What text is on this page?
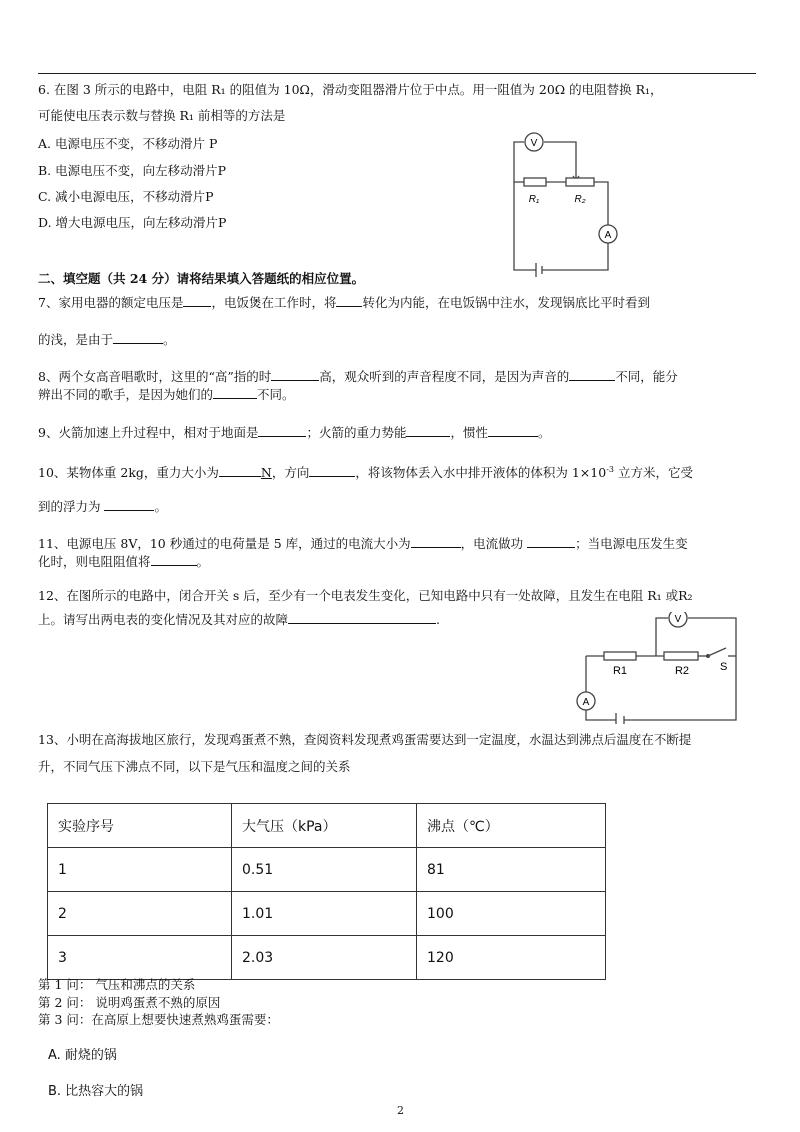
6. 在图 3 所示的电路中，电阻 R₁ 的阻值为 10Ω，滑动变阻器滑片位于中点。用一阻值为 20Ω 的电阻替换 R₁，
可能使电压表示数与替换 R₁ 前相等的方法是
A. 电源电压不变，不移动滑片 P
B. 电源电压不变，向左移动滑片P
C. 减小电源电压，不移动滑片P
D. 增大电源电压，向左移动滑片P
V
R₁	R₂
A
二、填空题（共 24 分）请将结果填入答题纸的相应位置。
7、家用电器的额定电压是 ，电饭煲在工作时，将 转化为内能，在电饭锅中注水，发现锅底比平时看到
的浅，是由于	。
8、两个女高音唱歌时，这里的“高”指的时	高，观众听到的声音程度不同，是因为声音的	不同，能分
辨出不同的歌手，是因为她们的	不同。
9、火箭加速上升过程中，相对于地面是	；火箭的重力势能	，惯性	。
10、某物体重 2kg，重力大小为	N，方向	，将该物体丢入水中排开液体的体积为 $1\times 10^{-3}$ 立方米，它受
到的浮力为	。
11、电源电压 8V，10 秒通过的电荷量是 5 库，通过的电流大小为	，电流做功	；当电源电压发生变
化时，则电阻阻值将	。
12、在图所示的电路中，闭合开关 s 后，至少有一个电表发生变化，已知电路中只有一处故障，且发生在电阻 R₁ 或R₂
上。请写出两电表的变化情况及其对应的故障	.	V
R1	R2	S
A
13、小明在高海拔地区旅行，发现鸡蛋煮不熟，查阅资料发现煮鸡蛋需要达到一定温度，水温达到沸点后温度在不断提
升，不同气压下沸点不同，以下是气压和温度之间的关系
实验序号	大气压（kPa）	沸点（℃）
1	0.51	81
2	1.01	100
3	2.03	120
第 1 问： 气压和沸点的关系
第 2 问： 说明鸡蛋煮不熟的原因
第 3 问：在高原上想要快速煮熟鸡蛋需要：
A. 耐烧的锅
B. 比热容大的锅
2
